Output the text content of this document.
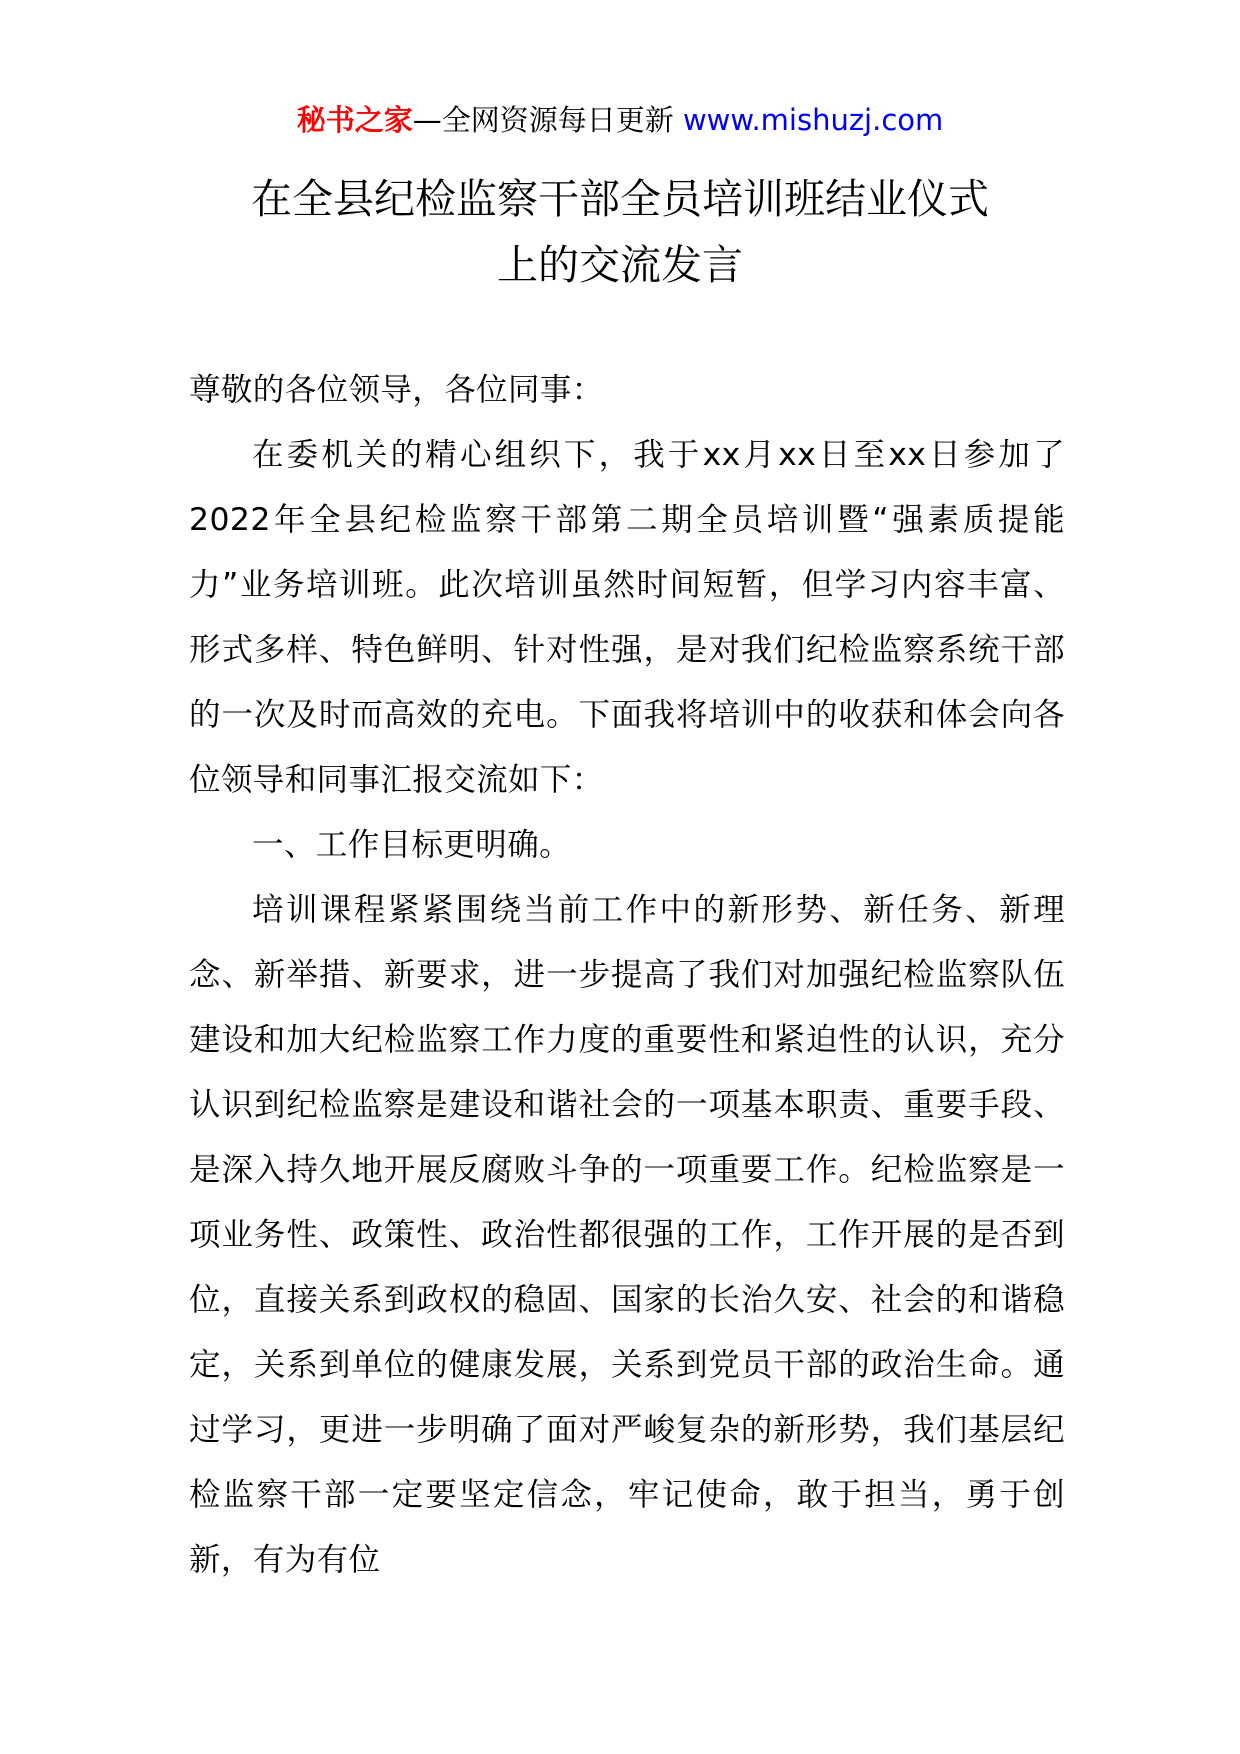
秘书之家—全网资源每日更新 www.mishuzj.com
在全县纪检监察干部全员培训班结业仪式
上的交流发言

尊敬的各位领导，各位同事：

在委机关的精心组织下，我于xx月xx日至xx日参加了2022年全县纪检监察干部第二期全员培训暨“强素质提能力”业务培训班。此次培训虽然时间短暂，但学习内容丰富、形式多样、特色鲜明、针对性强，是对我们纪检监察系统干部的一次及时而高效的充电。下面我将培训中的收获和体会向各位领导和同事汇报交流如下：

一、工作目标更明确。

培训课程紧紧围绕当前工作中的新形势、新任务、新理念、新举措、新要求，进一步提高了我们对加强纪检监察队伍建设和加大纪检监察工作力度的重要性和紧迫性的认识，充分认识到纪检监察是建设和谐社会的一项基本职责、重要手段、是深入持久地开展反腐败斗争的一项重要工作。纪检监察是一项业务性、政策性、政治性都很强的工作，工作开展的是否到位，直接关系到政权的稳固、国家的长治久安、社会的和谐稳定，关系到单位的健康发展，关系到党员干部的政治生命。通过学习，更进一步明确了面对严峻复杂的新形势，我们基层纪检监察干部一定要坚定信念，牢记使命，敢于担当，勇于创新，有为有位
